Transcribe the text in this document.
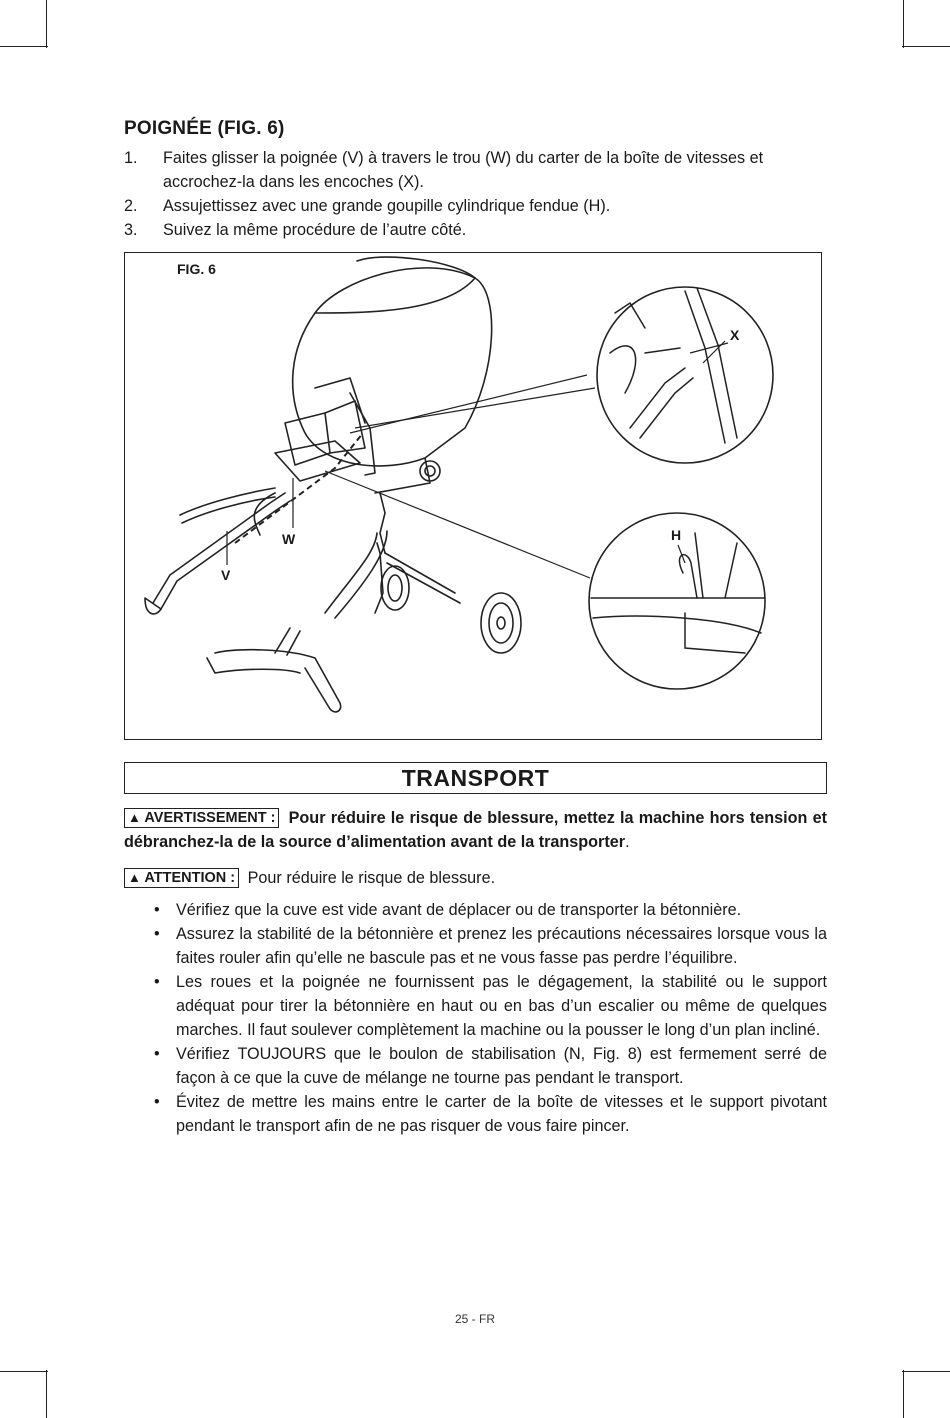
POIGNÉE (FIG. 6)
1.	Faites glisser la poignée (V) à travers le trou (W) du carter de la boîte de vitesses et accrochez-la dans les encoches (X).
2.	Assujettissez avec une grande goupille cylindrique fendue (H).
3.	Suivez la même procédure de l’autre côté.
FIG. 6
X
H
W
V
TRANSPORT

▲ AVERTISSEMENT : Pour réduire le risque de blessure, mettez la machine hors tension et débranchez-la de la source d’alimentation avant de la transporter.

▲ ATTENTION : Pour réduire le risque de blessure.

•	Vérifiez que la cuve est vide avant de déplacer ou de transporter la bétonnière.
•	Assurez la stabilité de la bétonnière et prenez les précautions nécessaires lorsque vous la faites rouler afin qu’elle ne bascule pas et ne vous fasse pas perdre l’équilibre.
•	Les roues et la poignée ne fournissent pas le dégagement, la stabilité ou le support adéquat pour tirer la bétonnière en haut ou en bas d’un escalier ou même de quelques marches. Il faut soulever complètement la machine ou la pousser le long d’un plan incliné.
•	Vérifiez TOUJOURS que le boulon de stabilisation (N, Fig. 8) est fermement serré de façon à ce que la cuve de mélange ne tourne pas pendant le transport.
•	Évitez de mettre les mains entre le carter de la boîte de vitesses et le support pivotant pendant le transport afin de ne pas risquer de vous faire pincer.
25 - FR
